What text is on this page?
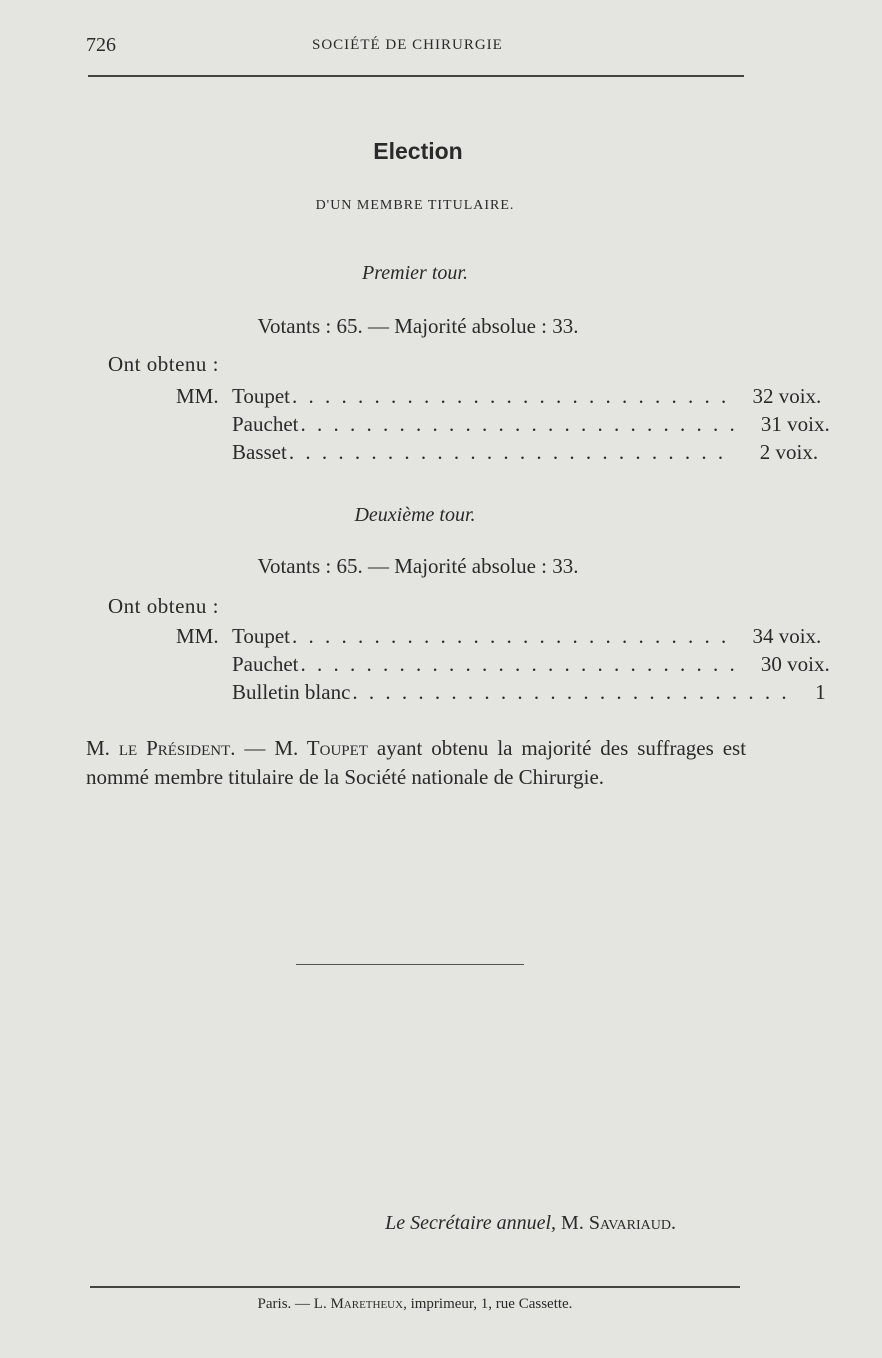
726	SOCIÉTÉ DE CHIRURGIE
Election
D'UN MEMBRE TITULAIRE.
Premier tour.
Votants : 65. — Majorité absolue : 33.
Ont obtenu :
MM. Toupet . . . . . . . . . . . . . . . . . . . . . . . . . . .	32 voix.
Pauchet . . . . . . . . . . . . . . . . . . . . . . . . . . .	31 voix.
Basset . . . . . . . . . . . . . . . . . . . . . . . . . . .	2 voix.
Deuxième tour.
Votants : 65. — Majorité absolue : 33.
Ont obtenu :
MM. Toupet . . . . . . . . . . . . . . . . . . . . . . . . . . .	34 voix.
Pauchet . . . . . . . . . . . . . . . . . . . . . . . . . . .	30 voix.
Bulletin blanc . . . . . . . . . . . . . . . . . . . . . . . . . . .	1
M. le Président. — M. Toupet ayant obtenu la majorité des suffrages est nommé membre titulaire de la Société nationale de Chirurgie.
Le Secrétaire annuel, M. Savariaud.
Paris. — L. Maretheux, imprimeur, 1, rue Cassette.
